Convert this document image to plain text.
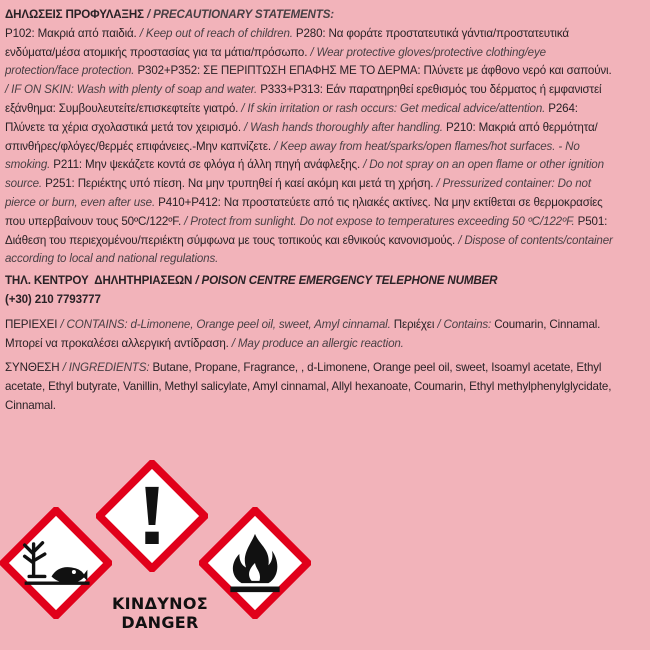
ΔΗΛΩΣΕΙΣ ΠΡΟΦΥΛΑΞΗΣ / PRECAUTIONARY STATEMENTS:
P102: Μακριά από παιδιά. / Keep out of reach of children. P280: Να φοράτε προστατευτικά γάντια/προστατευτικά ενδύματα/μέσα ατομικής προστασίας για τα μάτια/πρόσωπο. / Wear protective gloves/protective clothing/eye protection/face protection. P302+P352: ΣΕ ΠΕΡΙΠΤΩΣΗ ΕΠΑΦΗΣ ΜΕ ΤΟ ΔΕΡΜΑ: Πλύνετε με άφθονο νερό και σαπούνι. / IF ON SKIN: Wash with plenty of soap and water. P333+P313: Εάν παρατηρηθεί ερεθισμός του δέρματος ή εμφανιστεί εξάνθημα: Συμβουλευτείτε/επισκεφτείτε γιατρό. / If skin irritation or rash occurs: Get medical advice/attention. P264: Πλύνετε τα χέρια σχολαστικά μετά τον χειρισμό. / Wash hands thoroughly after handling. P210: Μακριά από θερμότητα/σπινθήρες/φλόγες/θερμές επιφάνειες.-Μην καπνίζετε. / Keep away from heat/sparks/open flames/hot surfaces. - No smoking. P211: Μην ψεκάζετε κοντά σε φλόγα ή άλλη πηγή ανάφλεξης. / Do not spray on an open flame or other ignition source. P251: Περιέκτης υπό πίεση. Να μην τρυπηθεί ή καεί ακόμη και μετά τη χρήση. / Pressurized container: Do not pierce or burn, even after use. P410+P412: Να προστατεύετε από τις ηλιακές ακτίνες. Να μην εκτίθεται σε θερμοκρασίες που υπερβαίνουν τους 50ºC/122ºF. / Protect from sunlight. Do not expose to temperatures exceeding 50 ºC/122ºF. P501: Διάθεση του περιεχομένου/περιέκτη σύμφωνα με τους τοπικούς και εθνικούς κανονισμούς. / Dispose of contents/container according to local and national regulations.

ΤΗΛ. ΚΕΝΤΡΟΥ  ΔΗΛΗΤΗΡΙΑΣΕΩΝ / POISON CENTRE EMERGENCY TELEPHONE NUMBER
(+30) 210 7793777

ΠΕΡΙΕΧΕΙ / CONTAINS: d-Limonene, Orange peel oil, sweet, Amyl cinnamal. Περιέχει / Contains: Coumarin, Cinnamal. Μπορεί να προκαλέσει αλλεργική αντίδραση. / May produce an allergic reaction.

ΣΥΝΘΕΣΗ / INGREDIENTS: Butane, Propane, Fragrance, , d-Limonene, Orange peel oil, sweet, Isoamyl acetate, Ethyl acetate, Ethyl butyrate, Vanillin, Methyl salicylate, Amyl cinnamal, Allyl hexanoate, Coumarin, Ethyl methylphenylglycidate, Cinnamal.

ΚΙΝΔΥΝΟΣ
DANGER
